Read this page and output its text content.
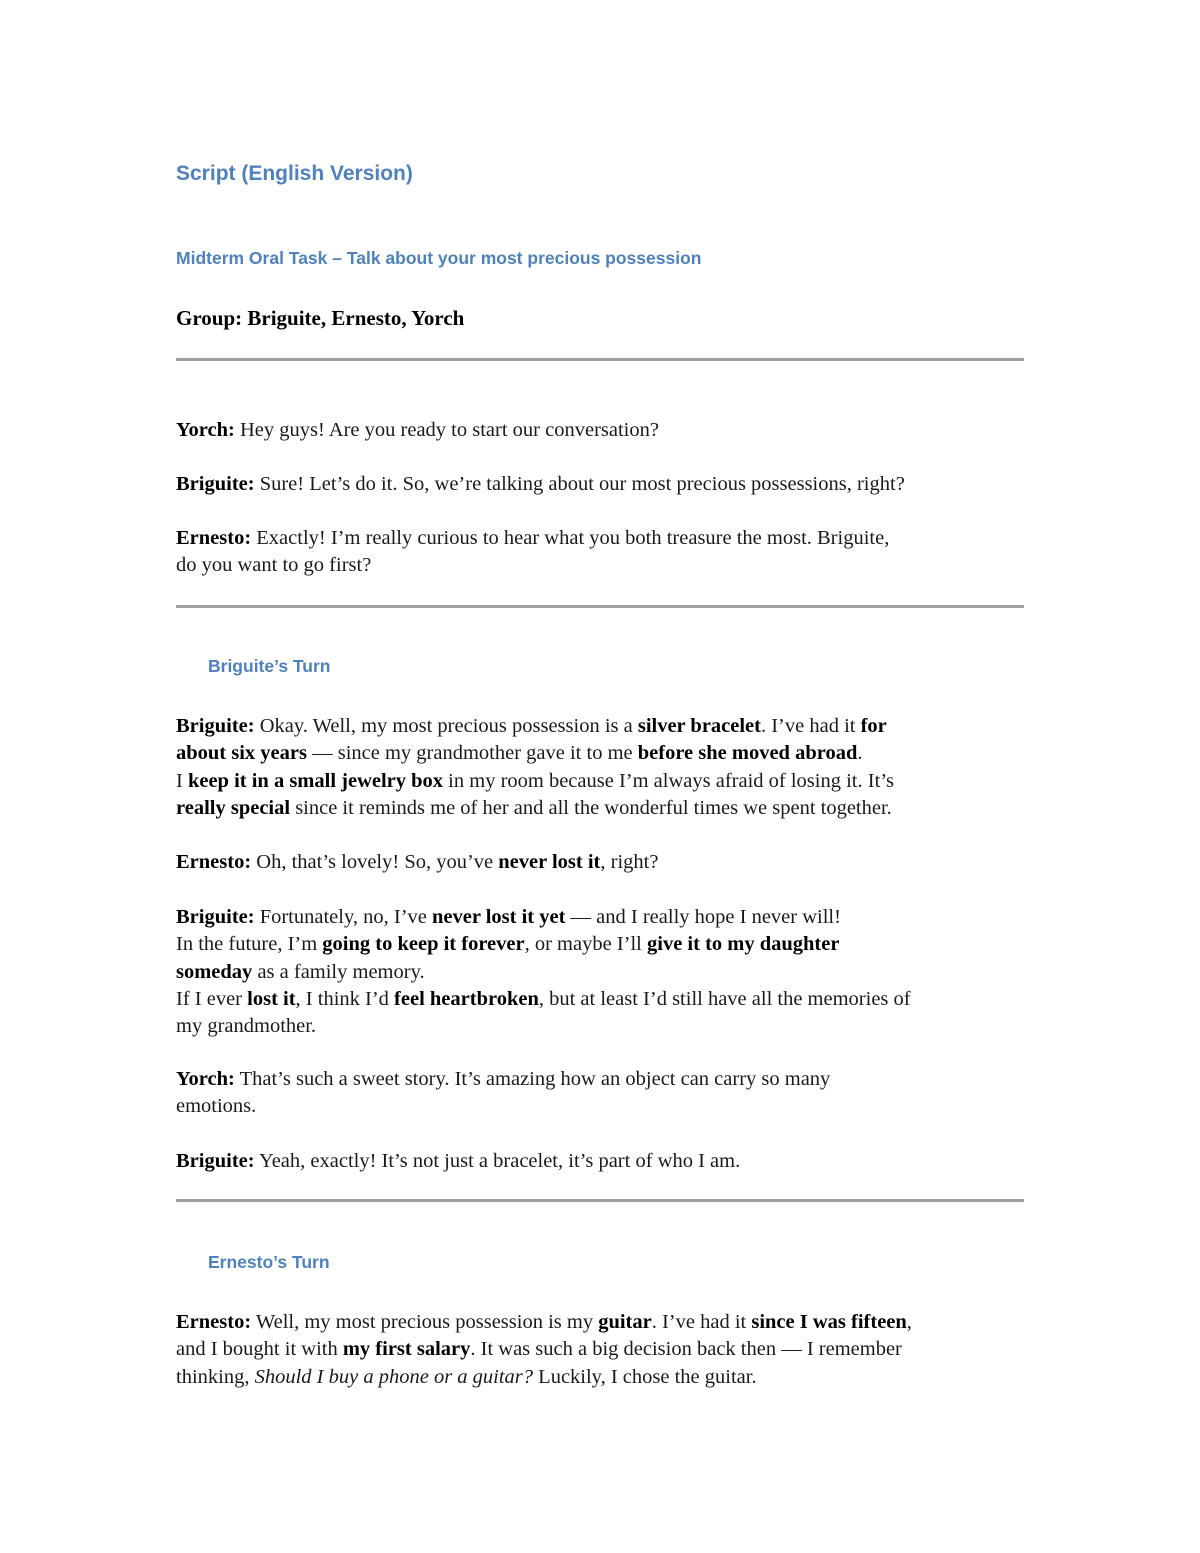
Script (English Version)
Midterm Oral Task – Talk about your most precious possession
Group: Briguite, Ernesto, Yorch

Yorch: Hey guys! Are you ready to start our conversation?

Briguite: Sure! Let’s do it. So, we’re talking about our most precious possessions, right?

Ernesto: Exactly! I’m really curious to hear what you both treasure the most. Briguite,
do you want to go first?

Briguite’s Turn

Briguite: Okay. Well, my most precious possession is a silver bracelet. I’ve had it for
about six years — since my grandmother gave it to me before she moved abroad.
I keep it in a small jewelry box in my room because I’m always afraid of losing it. It’s
really special since it reminds me of her and all the wonderful times we spent together.

Ernesto: Oh, that’s lovely! So, you’ve never lost it, right?

Briguite: Fortunately, no, I’ve never lost it yet — and I really hope I never will!
In the future, I’m going to keep it forever, or maybe I’ll give it to my daughter
someday as a family memory.
If I ever lost it, I think I’d feel heartbroken, but at least I’d still have all the memories of
my grandmother.

Yorch: That’s such a sweet story. It’s amazing how an object can carry so many
emotions.

Briguite: Yeah, exactly! It’s not just a bracelet, it’s part of who I am.

Ernesto’s Turn

Ernesto: Well, my most precious possession is my guitar. I’ve had it since I was fifteen,
and I bought it with my first salary. It was such a big decision back then — I remember
thinking, Should I buy a phone or a guitar? Luckily, I chose the guitar.
